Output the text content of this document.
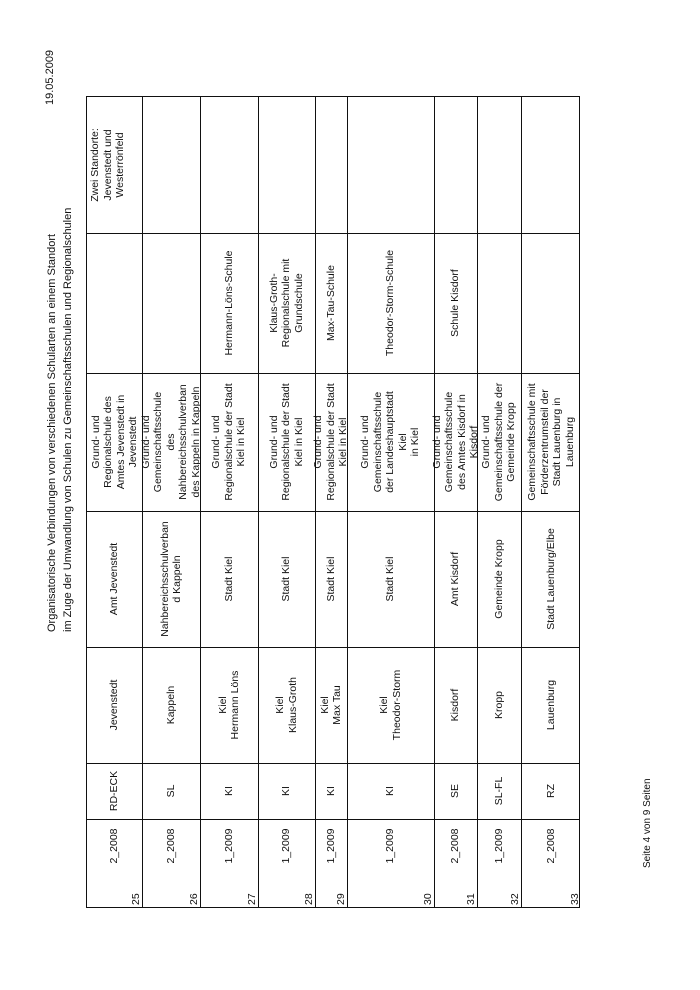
19.05.2009
Organisatorische Verbindungen von verschiedenen Schularten an einem Standort im Zuge der Umwandlung von Schulen zu Gemeinschaftsschulen und Regionalschulen
Seite 4 von 9 Seiten
25
2_2008
RD-ECK
Jevenstedt
Amt Jevenstedt
Grund- und Regionalschule des Amtes Jevenstedt in Jevenstedt
Zwei Standorte: Jevenstedt und Westerrönfeld
26
2_2008
SL
Kappeln
Nahbereichsschulverban d Kappeln
Grund- und Gemeinschaftsschule des Nahbereichsschulverban des Kappeln in Kappeln
27
1_2009
KI
Kiel Hermann Löns
Stadt Kiel
Grund- und Regionalschule der Stadt Kiel in Kiel
Hermann-Löns-Schule
28
1_2009
KI
Kiel Klaus-Groth
Stadt Kiel
Grund- und Regionalschule der Stadt Kiel in Kiel
Klaus-Groth- Regionalschule mit Grundschule
29
1_2009
KI
Kiel Max Tau
Stadt Kiel
Grund- und Regionalschule der Stadt Kiel in Kiel
Max-Tau-Schule
30
1_2009
KI
Kiel Theodor-Storm
Stadt Kiel
Grund- und Gemeinschaftsschule der Landeshauptstadt Kiel in Kiel
Theodor-Storm-Schule
31
2_2008
SE
Kisdorf
Amt Kisdorf
Grund- und Gemeinschaftsschule des Amtes Kisdorf in Kisdorf
Schule Kisdorf
32
1_2009
SL-FL
Kropp
Gemeinde Kropp
Grund- und Gemeinschaftsschule der Gemeinde Kropp
33
2_2008
RZ
Lauenburg
Stadt Lauenburg/Elbe
Gemeinschaftsschule mit Förderzentrumsteil der Stadt Lauenburg in Lauenburg
